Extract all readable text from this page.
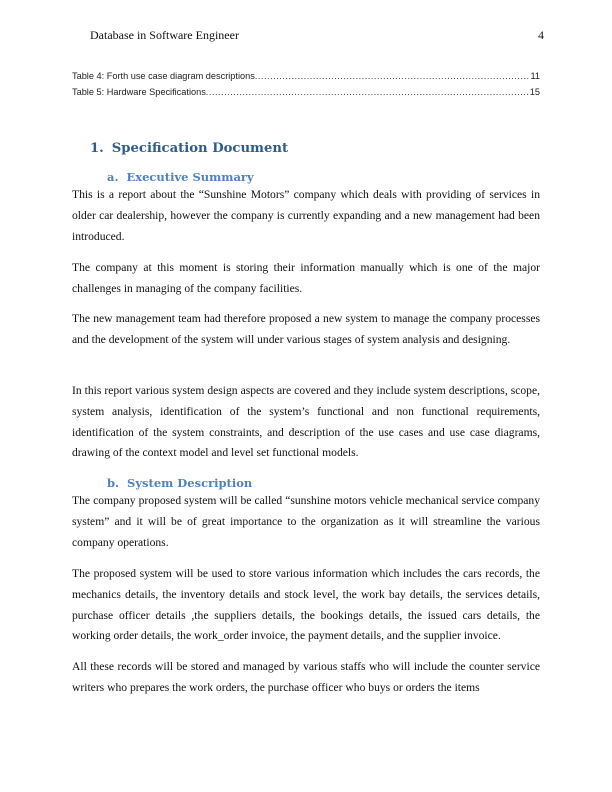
Database in Software Engineer	4
Table 4: Forth use case diagram descriptions .....	11
Table 5: Hardware Specifications .....	15
1. Specification Document
a. Executive Summary

This is a report about the “Sunshine Motors” company which deals with providing of services in older car dealership, however the company is currently expanding and a new management had been introduced.

The company at this moment is storing their information manually which is one of the major challenges in managing of the company facilities.

The new management team had therefore proposed a new system to manage the company processes and the development of the system will under various stages of system analysis and designing.

In this report various system design aspects are covered and they include system descriptions, scope, system analysis, identification of the system’s functional and non functional requirements, identification of the system constraints, and description of the use cases and use case diagrams, drawing of the context model and level set functional models.

b. System Description

The company proposed system will be called “sunshine motors vehicle mechanical service company system” and it will be of great importance to the organization as it will streamline the various company operations.

The proposed system will be used to store various information which includes the cars records, the mechanics details, the inventory details and stock level, the work bay details, the services details, purchase officer details ,the suppliers details, the bookings details, the issued cars details, the working order details, the work_order invoice, the payment details, and the supplier invoice.

All these records will be stored and managed by various staffs who will include the counter service writers who prepares the work orders, the purchase officer who buys or orders the items
